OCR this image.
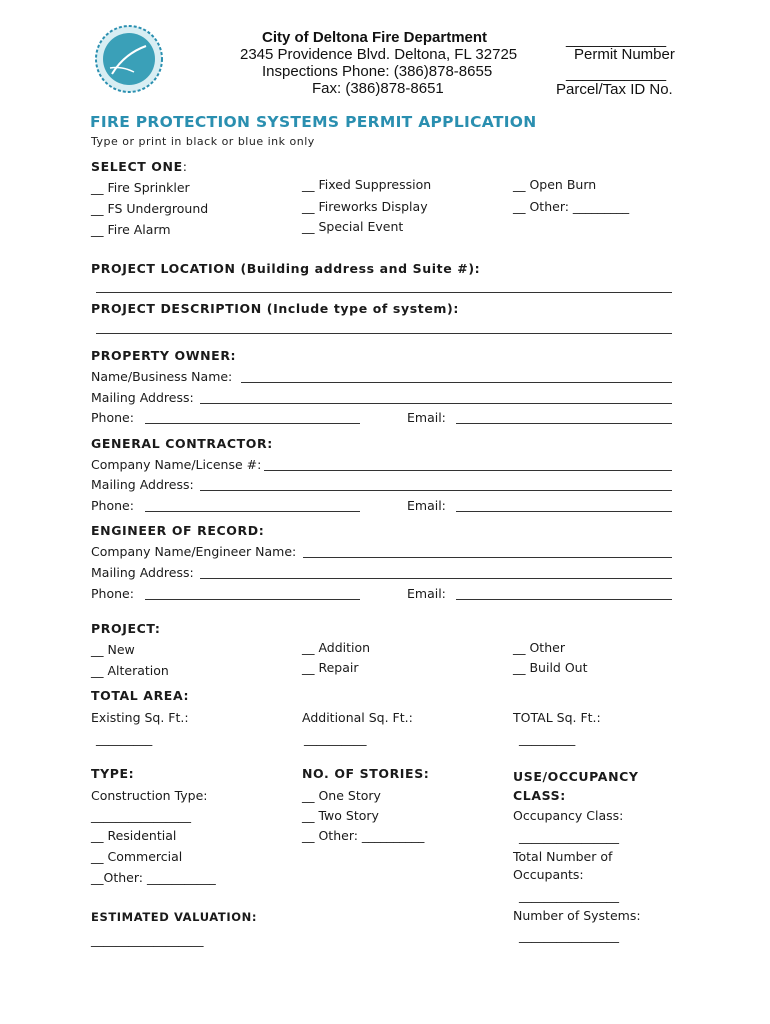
City of Deltona Fire Department
2345 Providence Blvd. Deltona, FL 32725
Inspections Phone: (386)878-8655
Fax: (386)878-8651
____________
Permit Number
____________
Parcel/Tax ID No.
FIRE PROTECTION SYSTEMS PERMIT APPLICATION
Type or print in black or blue ink only
SELECT ONE:
__ Fire Sprinkler
__ FS Underground
__ Fire Alarm
__ Fixed Suppression
__ Fireworks Display
__ Special Event
__ Open Burn
__ Other: _________
PROJECT LOCATION (Building address and Suite #):
PROJECT DESCRIPTION (Include type of system):
PROPERTY OWNER:
Name/Business Name:
Mailing Address:
Phone:	Email:
GENERAL CONTRACTOR:
Company Name/License #:
Mailing Address:
Phone:	Email:
ENGINEER OF RECORD:
Company Name/Engineer Name:
Mailing Address:
Phone:	Email:
PROJECT:
__ New
__ Alteration
__ Addition
__ Repair
__ Other
__ Build Out
TOTAL AREA:
Existing Sq. Ft.:	Additional Sq. Ft.:	TOTAL Sq. Ft.:
_________	__________	_________
TYPE:
Construction Type:
________________
__ Residential
__ Commercial
__Other: ___________
NO. OF STORIES:
__ One Story
__ Two Story
__ Other: __________
USE/OCCUPANCY
CLASS:
Occupancy Class:
________________
Total Number of
Occupants:
________________
Number of Systems:
________________
ESTIMATED VALUATION:
__________________
